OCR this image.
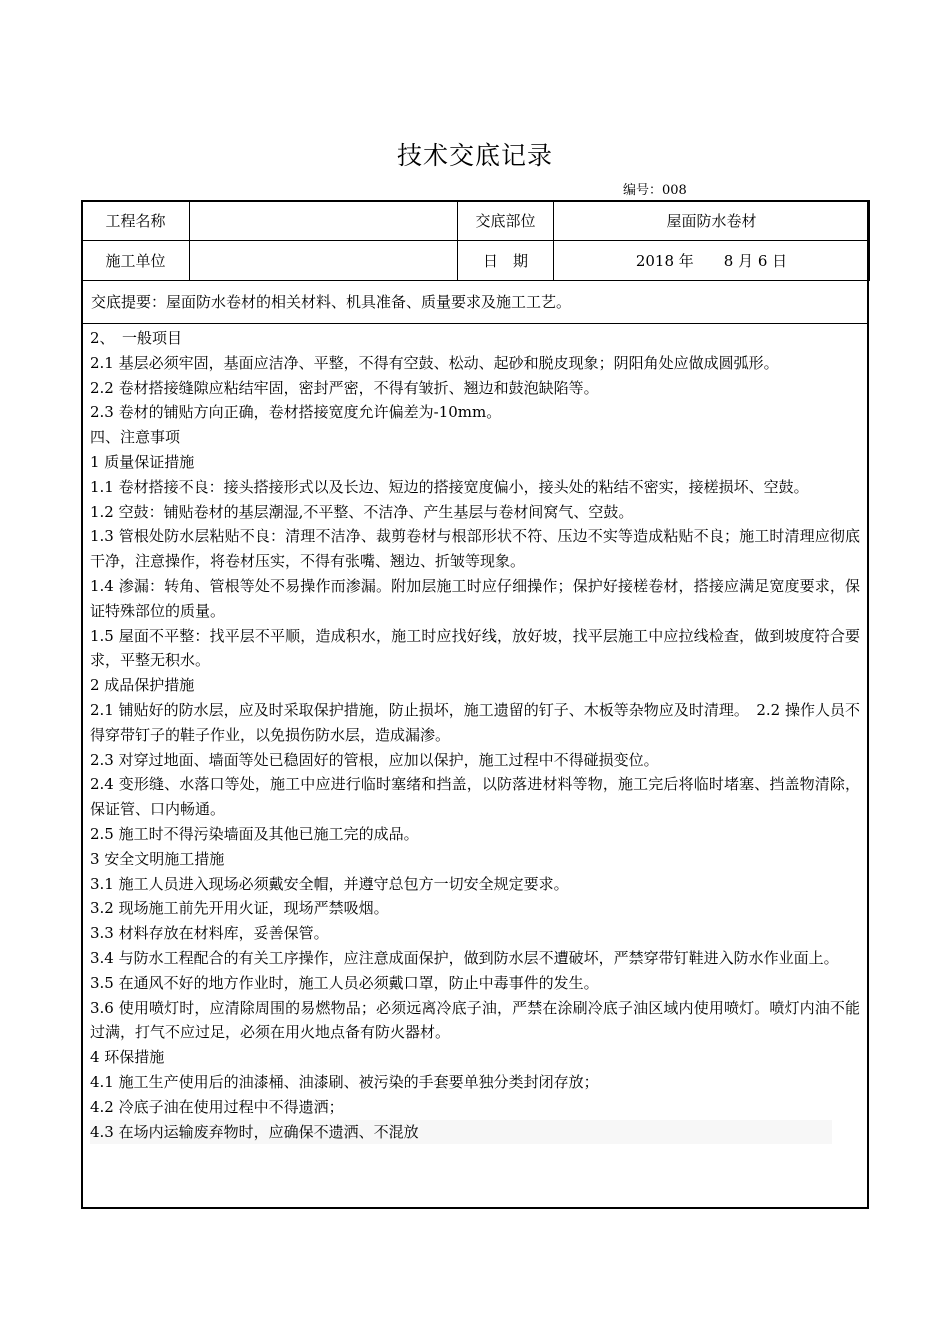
技术交底记录
编号：008
工程名称		交底部位	屋面防水卷材
施工单位		日　期	2018 年　　8 月 6 日
交底提要：屋面防水卷材的相关材料、机具准备、质量要求及施工工艺。

2、　一般项目

2.1 基层必须牢固，基面应洁净、平整，不得有空鼓、松动、起砂和脱皮现象；阴阳角处应做成圆弧形。

2.2 卷材搭接缝隙应粘结牢固，密封严密，不得有皱折、翘边和鼓泡缺陷等。

2.3 卷材的铺贴方向正确，卷材搭接宽度允许偏差为-10mm。

四、注意事项

1 质量保证措施

1.1 卷材搭接不良：接头搭接形式以及长边、短边的搭接宽度偏小，接头处的粘结不密实，接槎损坏、空鼓。

1.2 空鼓：铺贴卷材的基层潮湿,不平整、不洁净、产生基层与卷材间窝气、空鼓。

1.3 管根处防水层粘贴不良：清理不洁净、裁剪卷材与根部形状不符、压边不实等造成粘贴不良；施工时清理应彻底干净，注意操作，将卷材压实，不得有张嘴、翘边、折皱等现象。

1.4 渗漏：转角、管根等处不易操作而渗漏。附加层施工时应仔细操作；保护好接槎卷材，搭接应满足宽度要求，保证特殊部位的质量。

1.5 屋面不平整：找平层不平顺，造成积水，施工时应找好线，放好坡，找平层施工中应拉线检查，做到坡度符合要求，平整无积水。

2 成品保护措施

2.1 铺贴好的防水层，应及时采取保护措施，防止损坏，施工遗留的钉子、木板等杂物应及时清理。　2.2 操作人员不得穿带钉子的鞋子作业，以免损伤防水层，造成漏渗。

2.3 对穿过地面、墙面等处已稳固好的管根，应加以保护，施工过程中不得碰损变位。

2.4 变形缝、水落口等处，施工中应进行临时塞绪和挡盖，以防落进材料等物，施工完后将临时堵塞、挡盖物清除，保证管、口内畅通。

2.5 施工时不得污染墙面及其他已施工完的成品。

3 安全文明施工措施

3.1 施工人员进入现场必须戴安全帽，并遵守总包方一切安全规定要求。

3.2 现场施工前先开用火证，现场严禁吸烟。

3.3 材料存放在材料库，妥善保管。

3.4 与防水工程配合的有关工序操作，应注意成面保护，做到防水层不遭破坏，严禁穿带钉鞋进入防水作业面上。

3.5 在通风不好的地方作业时，施工人员必须戴口罩，防止中毒事件的发生。

3.6 使用喷灯时，应清除周围的易燃物品；必须远离冷底子油，严禁在涂刷冷底子油区域内使用喷灯。喷灯内油不能过满，打气不应过足，必须在用火地点备有防火器材。

4 环保措施

4.1 施工生产使用后的油漆桶、油漆刷、被污染的手套要单独分类封闭存放；

4.2 冷底子油在使用过程中不得遗洒；

4.3 在场内运输废弃物时，应确保不遗洒、不混放
